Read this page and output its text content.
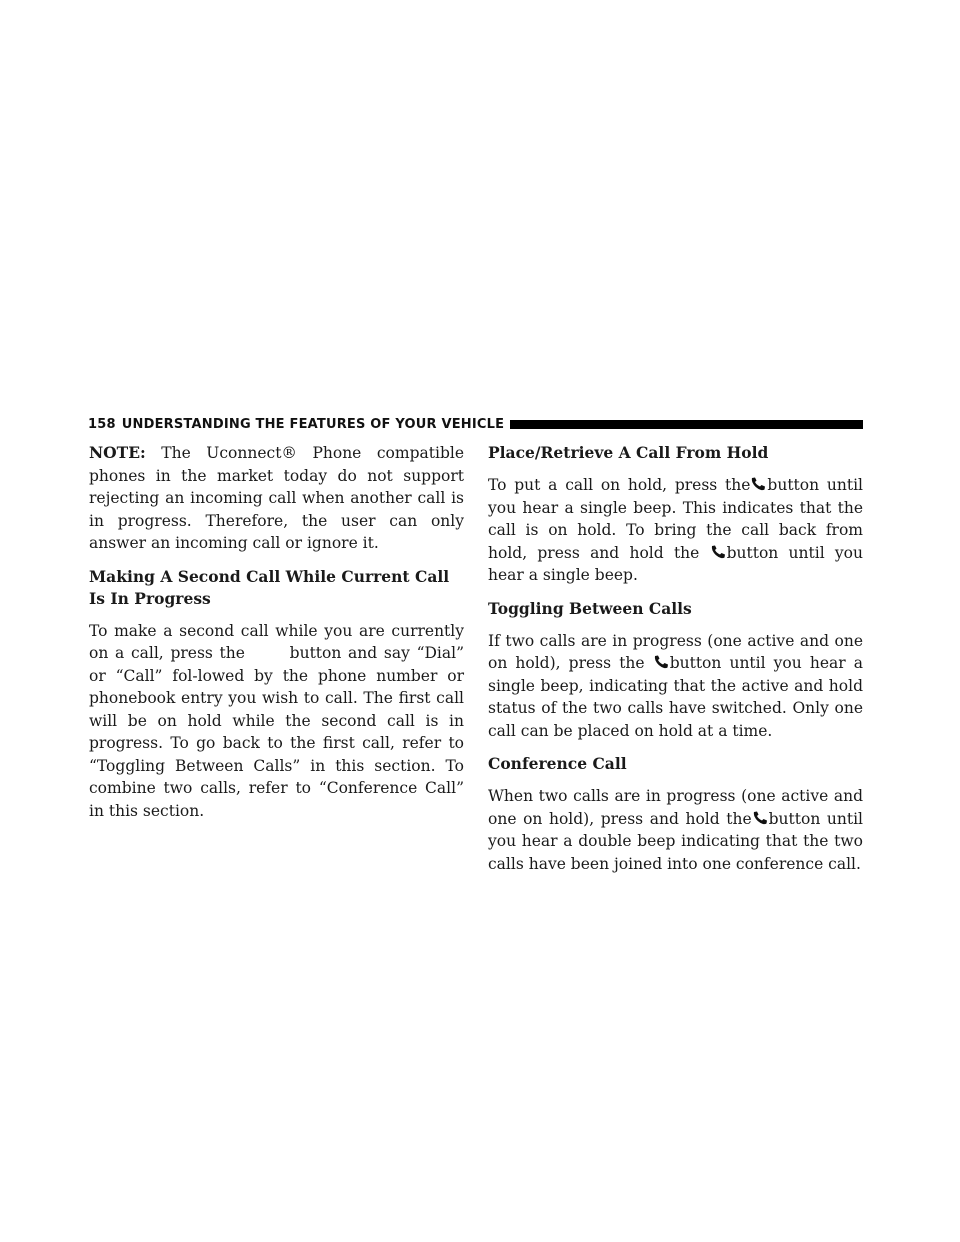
158 UNDERSTANDING THE FEATURES OF YOUR VEHICLE

NOTE: The Uconnect® Phone compatible phones in the market today do not support rejecting an incoming call when another call is in progress. Therefore, the user can only answer an incoming call or ignore it.

Making A Second Call While Current Call Is In Progress

To make a second call while you are currently on a call, press the	button and say “Dial” or “Call” fol-lowed by the phone number or phonebook entry you wish to call. The first call will be on hold while the second call is in progress. To go back to the first call, refer to “Toggling Between Calls” in this section. To combine two calls, refer to “Conference Call” in this section.

Place/Retrieve A Call From Hold

To put a call on hold, press the button until you hear a single beep. This indicates that the call is on hold. To bring the call back from hold, press and hold the button until you hear a single beep.

Toggling Between Calls

If two calls are in progress (one active and one on hold), press the button until you hear a single beep, indicating that the active and hold status of the two calls have switched. Only one call can be placed on hold at a time.

Conference Call

When two calls are in progress (one active and one on hold), press and hold the button until you hear a double beep indicating that the two calls have been joined into one conference call.
